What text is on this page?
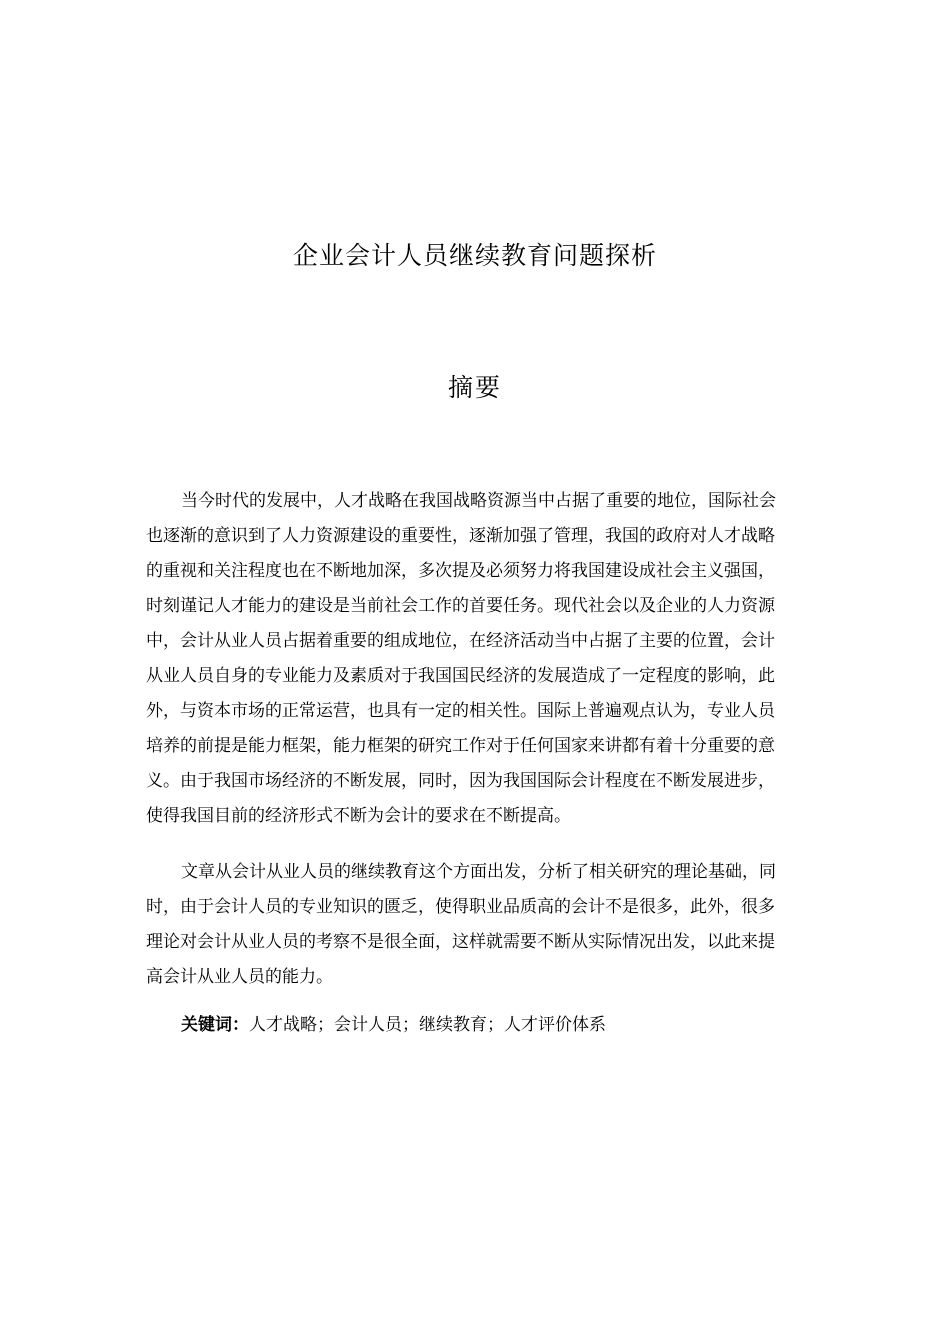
企业会计人员继续教育问题探析
摘要
当今时代的发展中，人才战略在我国战略资源当中占据了重要的地位，国际社会
也逐渐的意识到了人力资源建设的重要性，逐渐加强了管理，我国的政府对人才战略
的重视和关注程度也在不断地加深，多次提及必须努力将我国建设成社会主义强国，
时刻谨记人才能力的建设是当前社会工作的首要任务。现代社会以及企业的人力资源
中，会计从业人员占据着重要的组成地位，在经济活动当中占据了主要的位置，会计
从业人员自身的专业能力及素质对于我国国民经济的发展造成了一定程度的影响，此
外，与资本市场的正常运营，也具有一定的相关性。国际上普遍观点认为，专业人员
培养的前提是能力框架，能力框架的研究工作对于任何国家来讲都有着十分重要的意
义。由于我国市场经济的不断发展，同时，因为我国国际会计程度在不断发展进步，
使得我国目前的经济形式不断为会计的要求在不断提高。
文章从会计从业人员的继续教育这个方面出发，分析了相关研究的理论基础，同
时，由于会计人员的专业知识的匮乏，使得职业品质高的会计不是很多，此外，很多
理论对会计从业人员的考察不是很全面，这样就需要不断从实际情况出发，以此来提
高会计从业人员的能力。
关键词：人才战略；会计人员；继续教育；人才评价体系
